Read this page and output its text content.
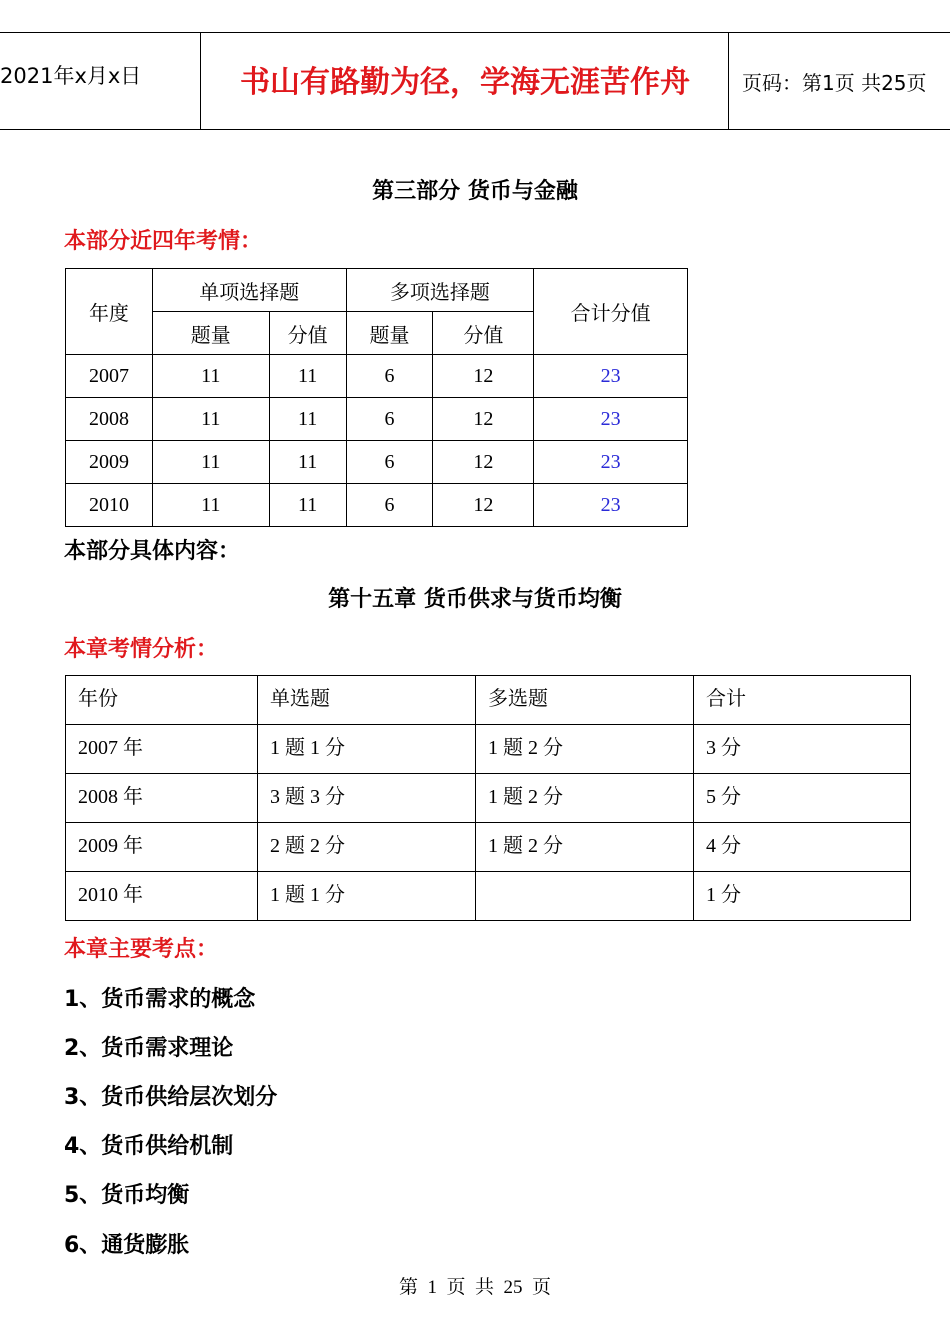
2021年x月x日	书山有路勤为径，学海无涯苦作舟	页码：第1页 共25页
第三部分 货币与金融
本部分近四年考情：
年度	单项选择题		多项选择题		合计分值
	题量	分值	题量	分值	
2007	11	11	6	12	23
2008	11	11	6	12	23
2009	11	11	6	12	23
2010	11	11	6	12	23
本部分具体内容：
第十五章 货币供求与货币均衡
本章考情分析：
年份	单选题	多选题	合计
2007 年	1 题 1 分	1 题 2 分	3 分
2008 年	3 题 3 分	1 题 2 分	5 分
2009 年	2 题 2 分	1 题 2 分	4 分
2010 年	1 题 1 分		1 分
本章主要考点：
1、货币需求的概念
2、货币需求理论
3、货币供给层次划分
4、货币供给机制
5、货币均衡
6、通货膨胀
第  1  页  共  25  页
